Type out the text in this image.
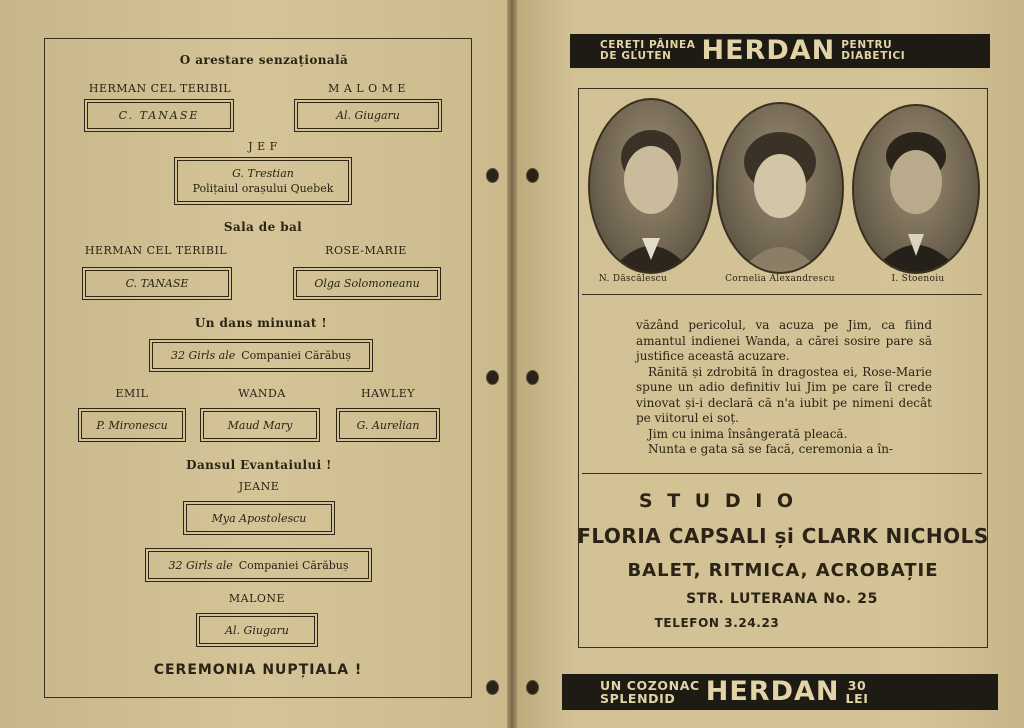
O arestare senzațională
HERMAN CEL TERIBIL	M A L O M E
C. TANASE	Al. Giugaru
J E F
G. Trestian
Polițaiul orașului Quebek
Sala de bal
HERMAN CEL TERIBIL	ROSE-MARIE
C. TANASE	Olga Solomoneanu
Un dans minunat !
32 Girls ale Companiei Cărăbuș
EMIL	WANDA	HAWLEY
P. Mironescu	Maud Mary	G. Aurelian
Dansul Evantaiului !
JEANE
Mya Apostolescu
32 Girls ale Companiei Cărăbuș
MALONE
Al. Giugaru
CEREMONIA NUPȚIALA !
CEREȚI PÂINEA
DE GLUTEN	HERDAN PENTRU
DIABETICI
N. Dăscălescu	Cornelia Alexandrescu	I. Stoenoiu

văzând pericolul, va acuza pe Jim, ca fiind amantul indienei Wanda, a cărei sosire pare să justifice această acuzare.

Rănită și zdrobită în dragostea ei, Rose-Marie spune un adio definitiv lui Jim pe care îl crede vinovat și-i declară că n'a iubit pe nimeni decât pe viitorul ei soț.

Jim cu inima însângerată pleacă.

Nunta e gata să se facă, ceremonia a în-

S T U D I O
FLORIA CAPSALI și CLARK NICHOLS
BALET, RITMICA, ACROBAȚIE
STR. LUTERANA No. 25
TELEFON 3.24.23
UN COZONAC
SPLENDID	HERDAN 30
LEI
